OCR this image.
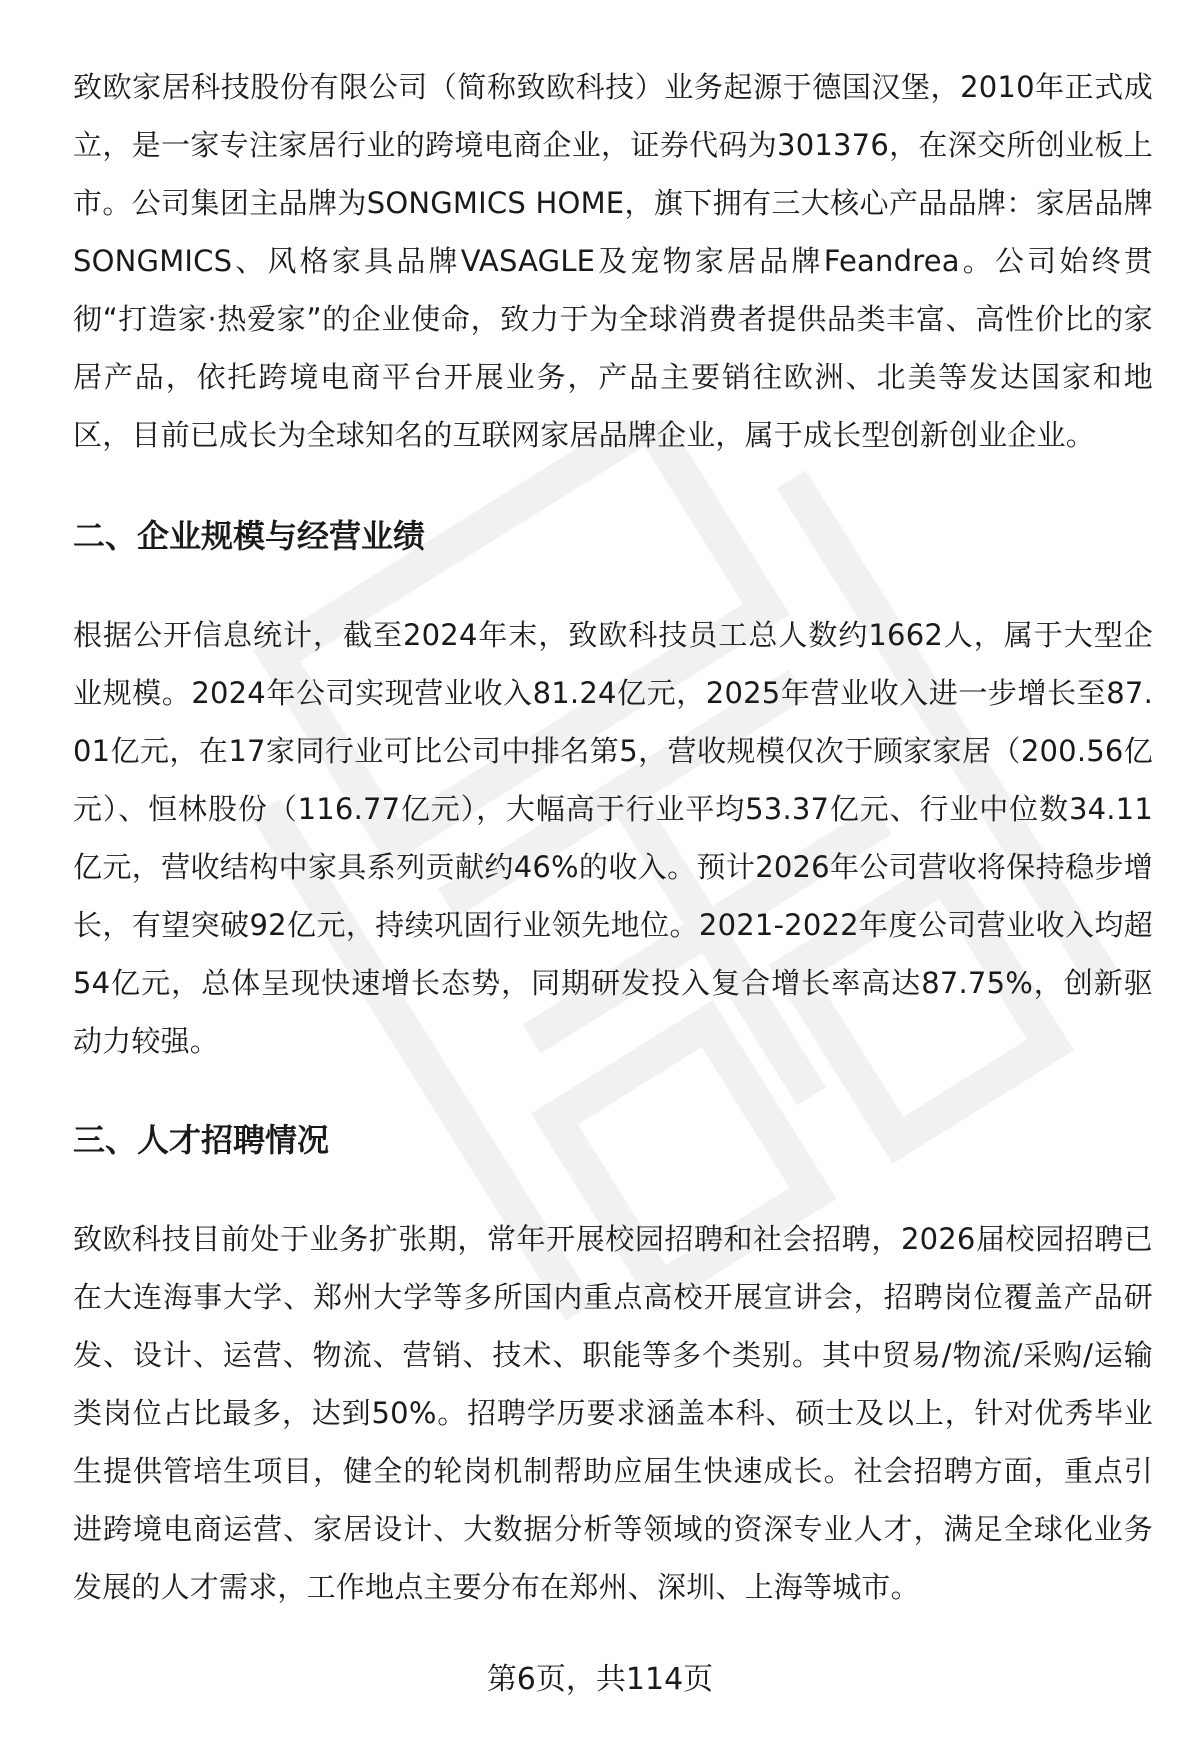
致欧家居科技股份有限公司（简称致欧科技）业务起源于德国汉堡，2010年正式成立，是一家专注家居行业的跨境电商企业，证券代码为301376，在深交所创业板上市。公司集团主品牌为SONGMICS HOME，旗下拥有三大核心产品品牌：家居品牌SONGMICS、风格家具品牌VASAGLE及宠物家居品牌Feandrea。公司始终贯彻“打造家·热爱家”的企业使命，致力于为全球消费者提供品类丰富、高性价比的家居产品，依托跨境电商平台开展业务，产品主要销往欧洲、北美等发达国家和地区，目前已成长为全球知名的互联网家居品牌企业，属于成长型创新创业企业。

二、企业规模与经营业绩

根据公开信息统计，截至2024年末，致欧科技员工总人数约1662人，属于大型企业规模。2024年公司实现营业收入81.24亿元，2025年营业收入进一步增长至87.01亿元，在17家同行业可比公司中排名第5，营收规模仅次于顾家家居（200.56亿元）、恒林股份（116.77亿元），大幅高于行业平均53.37亿元、行业中位数34.11亿元，营收结构中家具系列贡献约46%的收入。预计2026年公司营收将保持稳步增长，有望突破92亿元，持续巩固行业领先地位。2021-2022年度公司营业收入均超54亿元，总体呈现快速增长态势，同期研发投入复合增长率高达87.75%，创新驱动力较强。

三、人才招聘情况

致欧科技目前处于业务扩张期，常年开展校园招聘和社会招聘，2026届校园招聘已在大连海事大学、郑州大学等多所国内重点高校开展宣讲会，招聘岗位覆盖产品研发、设计、运营、物流、营销、技术、职能等多个类别。其中贸易/物流/采购/运输类岗位占比最多，达到50%。招聘学历要求涵盖本科、硕士及以上，针对优秀毕业生提供管培生项目，健全的轮岗机制帮助应届生快速成长。社会招聘方面，重点引进跨境电商运营、家居设计、大数据分析等领域的资深专业人才，满足全球化业务发展的人才需求，工作地点主要分布在郑州、深圳、上海等城市。

第6页，共114页
